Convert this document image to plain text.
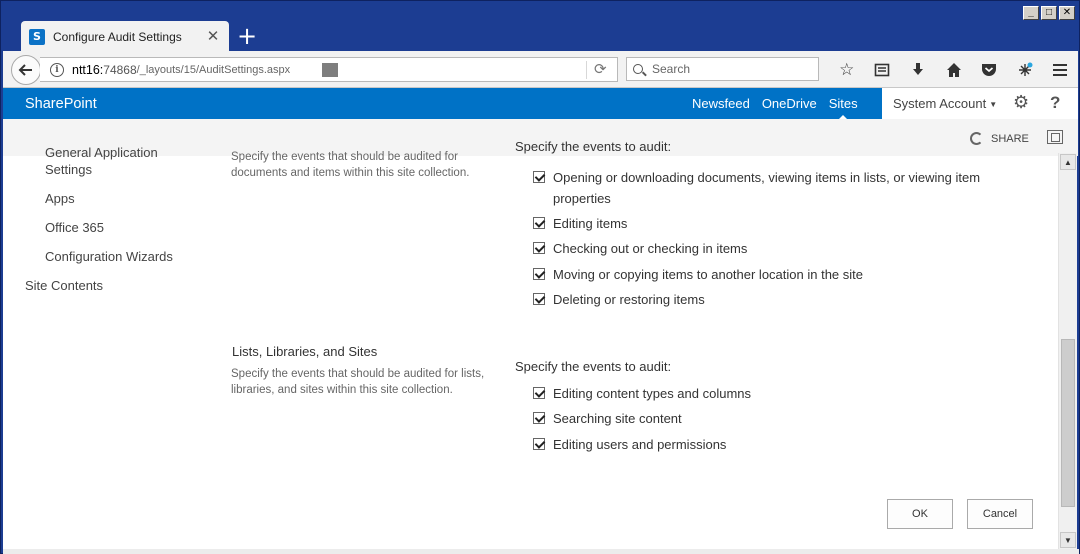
_	□	✕
S	Configure Audit Settings	✕ +
i	ntt16: 74868 /_layouts/15/AuditSettings.aspx	⟳	Search	☆
SharePoint	Newsfeed OneDrive Sites	System Account ▼ ⚙ ?
SHARE
General Application
Settings
Apps
Office 365
Configuration Wizards
Site Contents
Specify the events that should be audited for documents and items within this site collection.
Specify the events to audit:
Opening or downloading documents, viewing items in lists, or viewing item properties
Editing items
Checking out or checking in items
Moving or copying items to another location in the site
Deleting or restoring items
Lists, Libraries, and Sites
Specify the events that should be audited for lists, libraries, and sites within this site collection.
Specify the events to audit:
Editing content types and columns
Searching site content
Editing users and permissions
OK	Cancel
▲
▼
